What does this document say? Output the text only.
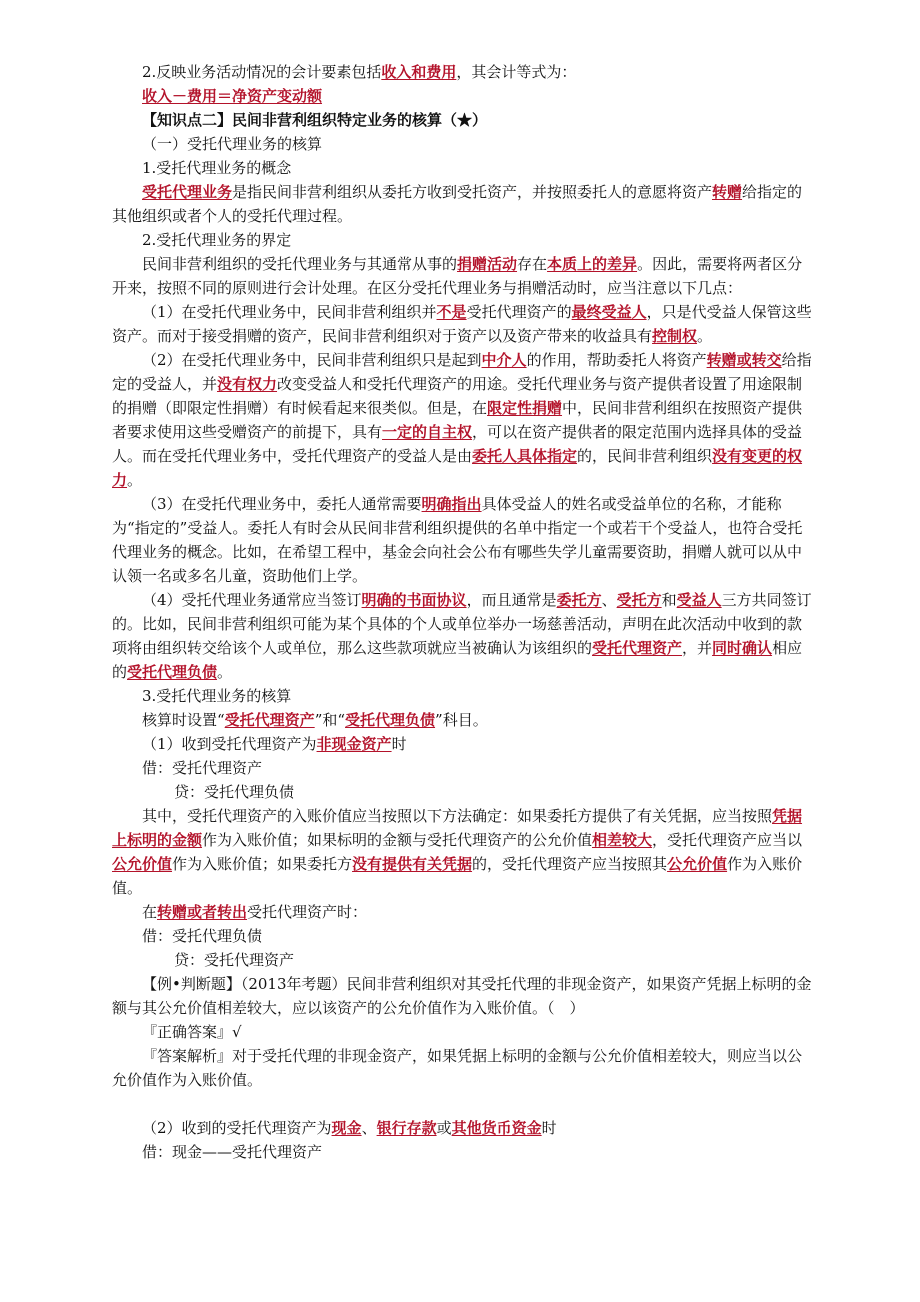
2.反映业务活动情况的会计要素包括收入和费用，其会计等式为：

收入－费用＝净资产变动额

【知识点二】民间非营利组织特定业务的核算（★）

（一）受托代理业务的核算

1.受托代理业务的概念

受托代理业务是指民间非营利组织从委托方收到受托资产，并按照委托人的意愿将资产转赠给指定的其他组织或者个人的受托代理过程。

2.受托代理业务的界定

民间非营利组织的受托代理业务与其通常从事的捐赠活动存在本质上的差异。因此，需要将两者区分开来，按照不同的原则进行会计处理。在区分受托代理业务与捐赠活动时，应当注意以下几点：

（1）在受托代理业务中，民间非营利组织并不是受托代理资产的最终受益人，只是代受益人保管这些资产。而对于接受捐赠的资产，民间非营利组织对于资产以及资产带来的收益具有控制权。

（2）在受托代理业务中，民间非营利组织只是起到中介人的作用，帮助委托人将资产转赠或转交给指定的受益人，并没有权力改变受益人和受托代理资产的用途。受托代理业务与资产提供者设置了用途限制的捐赠（即限定性捐赠）有时候看起来很类似。但是，在限定性捐赠中，民间非营利组织在按照资产提供者要求使用这些受赠资产的前提下，具有一定的自主权，可以在资产提供者的限定范围内选择具体的受益人。而在受托代理业务中，受托代理资产的受益人是由委托人具体指定的，民间非营利组织没有变更的权力。

（3）在受托代理业务中，委托人通常需要明确指出具体受益人的姓名或受益单位的名称，才能称为“指定的”受益人。委托人有时会从民间非营利组织提供的名单中指定一个或若干个受益人，也符合受托代理业务的概念。比如，在希望工程中，基金会向社会公布有哪些失学儿童需要资助，捐赠人就可以从中认领一名或多名儿童，资助他们上学。

（4）受托代理业务通常应当签订明确的书面协议，而且通常是委托方、受托方和受益人三方共同签订的。比如，民间非营利组织可能为某个具体的个人或单位举办一场慈善活动，声明在此次活动中收到的款项将由组织转交给该个人或单位，那么这些款项就应当被确认为该组织的受托代理资产，并同时确认相应的受托代理负债。

3.受托代理业务的核算

核算时设置“受托代理资产”和“受托代理负债”科目。

（1）收到受托代理资产为非现金资产时

借：受托代理资产

贷：受托代理负债

其中，受托代理资产的入账价值应当按照以下方法确定：如果委托方提供了有关凭据，应当按照凭据上标明的金额作为入账价值；如果标明的金额与受托代理资产的公允价值相差较大，受托代理资产应当以公允价值作为入账价值；如果委托方没有提供有关凭据的，受托代理资产应当按照其公允价值作为入账价值。

在转赠或者转出受托代理资产时：

借：受托代理负债

贷：受托代理资产

【例•判断题】（2013年考题）民间非营利组织对其受托代理的非现金资产，如果资产凭据上标明的金额与其公允价值相差较大，应以该资产的公允价值作为入账价值。（　）

『正确答案』√

『答案解析』对于受托代理的非现金资产，如果凭据上标明的金额与公允价值相差较大，则应当以公允价值作为入账价值。

（2）收到的受托代理资产为现金、银行存款或其他货币资金时

借：现金——受托代理资产
